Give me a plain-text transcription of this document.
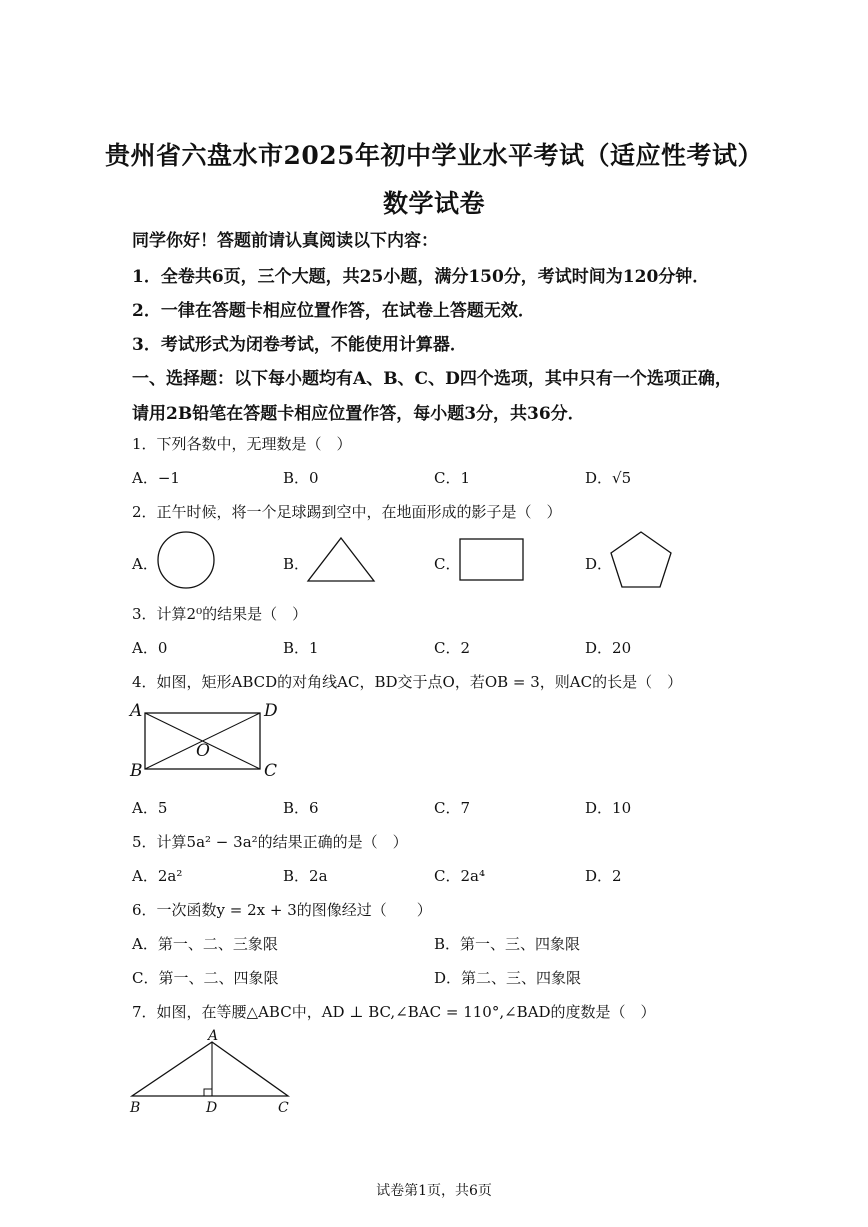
贵州省六盘水市2025年初中学业水平考试（适应性考试）
数学试卷
同学你好！答题前请认真阅读以下内容：
1．全卷共6页，三个大题，共25小题，满分150分，考试时间为120分钟．
2．一律在答题卡相应位置作答，在试卷上答题无效．
3．考试形式为闭卷考试，不能使用计算器．
一、选择题：以下每小题均有A、B、C、D四个选项，其中只有一个选项正确，
请用2B铅笔在答题卡相应位置作答，每小题3分，共36分．
1．下列各数中，无理数是（　）
A．−1	B．0	C．1	D．√5
2．正午时候，将一个足球踢到空中，在地面形成的影子是（　）
A．	B．	C．	D．
3．计算2⁰的结果是（　）
A．0	B．1	C．2	D．20
4．如图，矩形ABCD的对角线AC，BD交于点O，若OB = 3，则AC的长是（　）
A	D
O
B	C
A．5	B．6	C．7	D．10
5．计算5a² − 3a²的结果正确的是（　）
A．2a²	B．2a	C．2a⁴	D．2
6．一次函数y = 2x + 3的图像经过（　　）
A．第一、二、三象限	B．第一、三、四象限
C．第一、二、四象限	D．第二、三、四象限
7．如图，在等腰△ABC中，AD ⊥ BC,∠BAC = 110°,∠BAD的度数是（　）
A
B	D	C
试卷第1页，共6页
